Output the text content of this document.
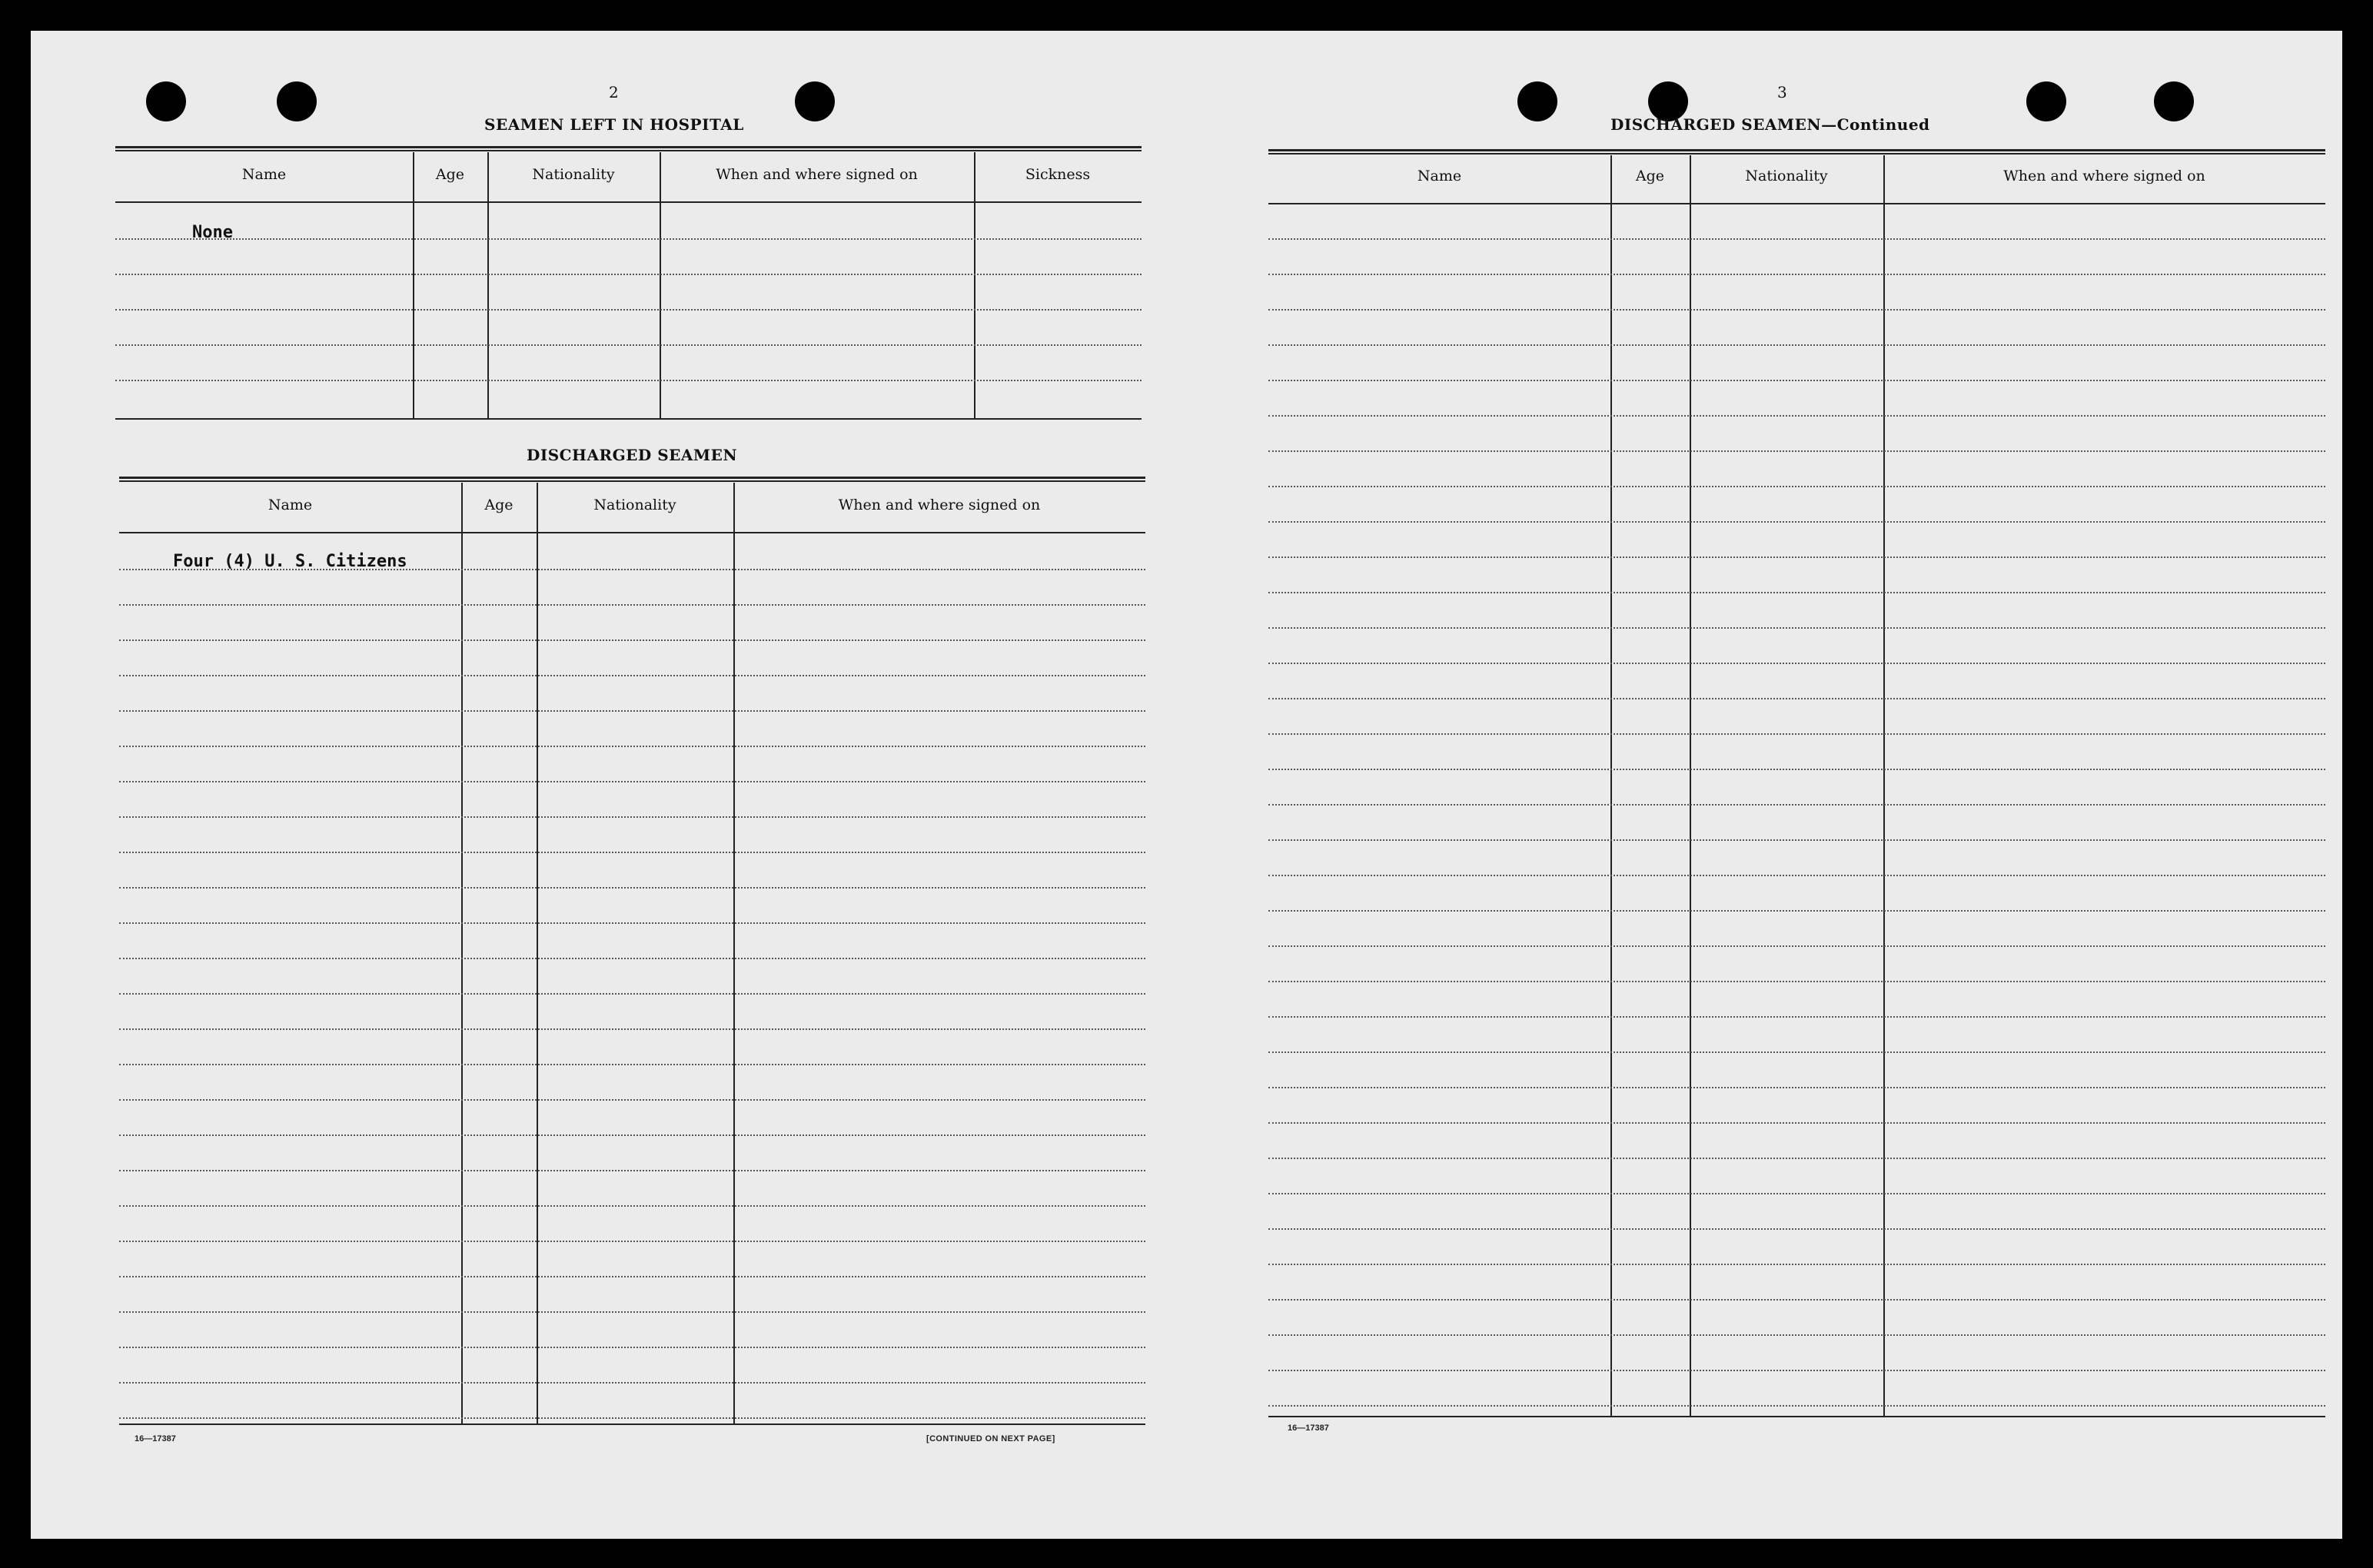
2
SEAMEN LEFT IN HOSPITAL
Name	Age	Nationality	When and where signed on	Sickness
None
DISCHARGED SEAMEN
Name	Age	Nationality	When and where signed on
Four (4) U. S. Citizens
16—17387	[CONTINUED ON NEXT PAGE]
3
DISCHARGED SEAMEN—Continued
Name	Age	Nationality	When and where signed on
16—17387
